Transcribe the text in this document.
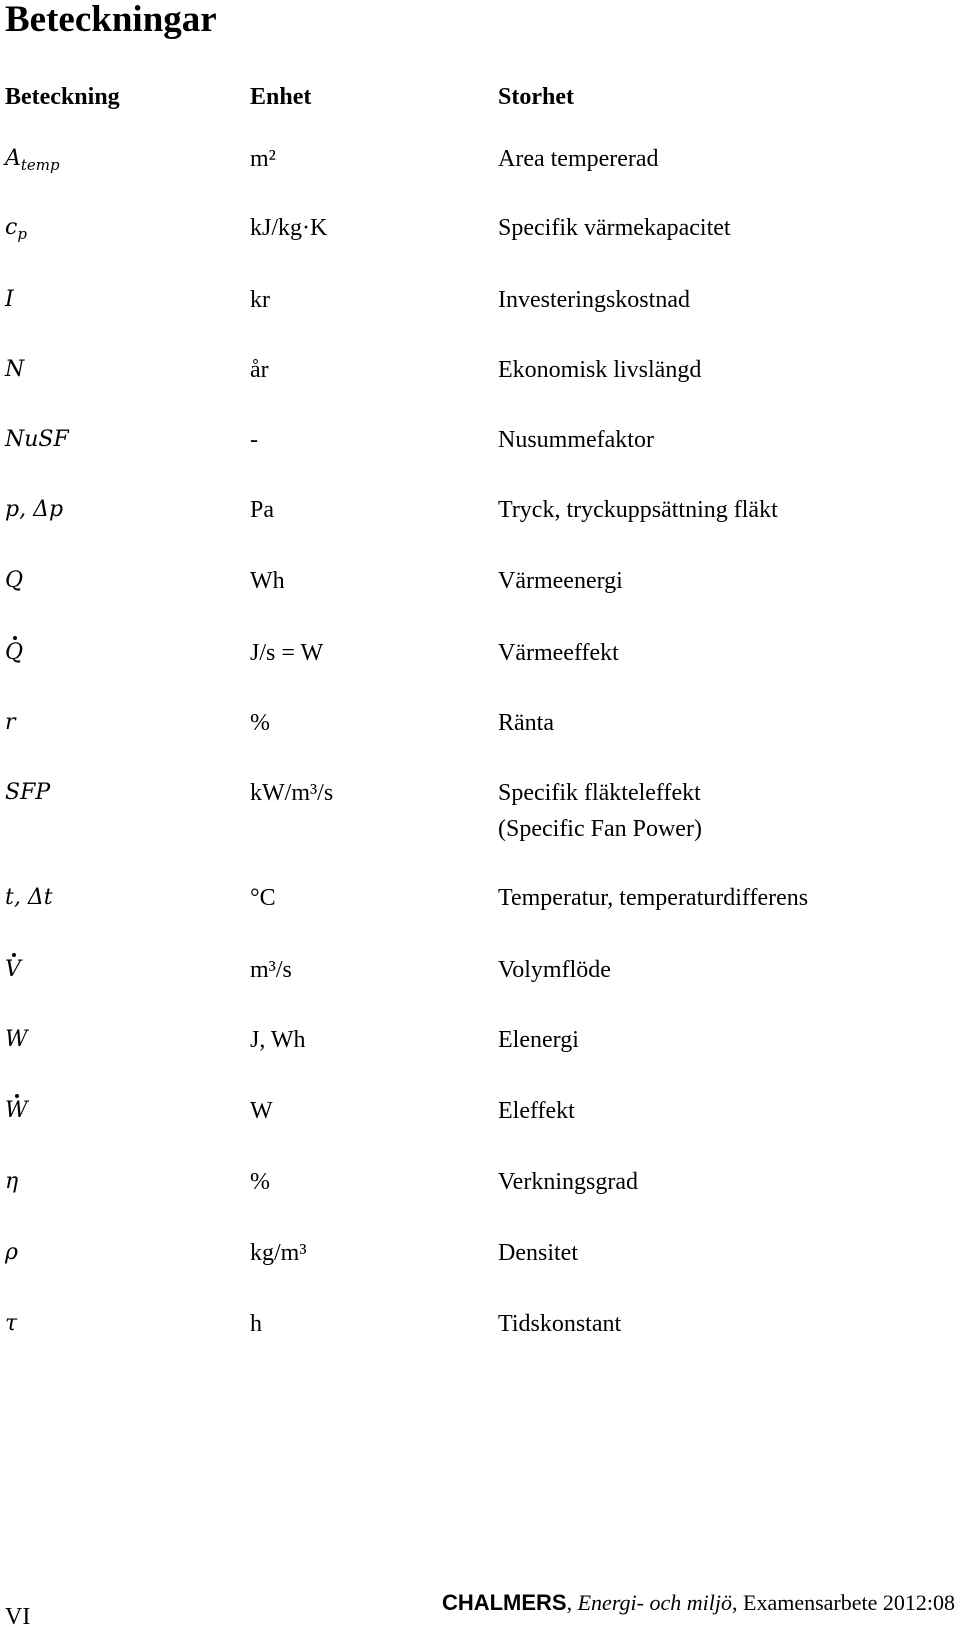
Beteckningar
Beteckning	Enhet	Storhet
$A_{temp}$	m²	Area tempererad
$c_p$	kJ/kg·K	Specifik värmekapacitet
I	kr	Investeringskostnad
N	år	Ekonomisk livslängd
NuSF	-	Nusummefaktor
p, Δp	Pa	Tryck, tryckuppsättning fläkt
Q	Wh	Värmeenergi
Q	J/s = W	Värmeeffekt
r	%	Ränta
SFP	kW/m³/s	Specifik fläkteleffekt
(Specific Fan Power)
t, Δt	°C	Temperatur, temperaturdifferens
V	m³/s	Volymflöde
W	J, Wh	Elenergi
W	W	Eleffekt
η	%	Verkningsgrad
ρ	kg/m³	Densitet
τ	h	Tidskonstant
VI
CHALMERS, Energi- och miljö, Examensarbete 2012:08
